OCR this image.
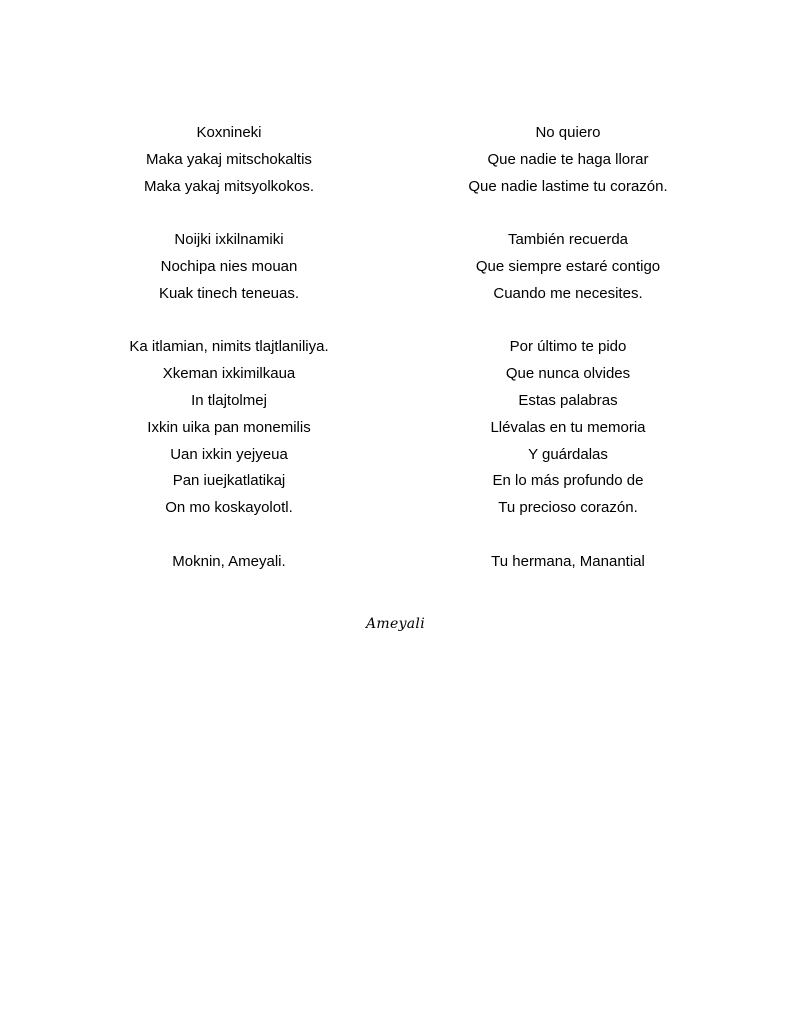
Koxnineki
Maka yakaj mitschokaltis
Maka yakaj mitsyolkokos.
Noijki ixkilnamiki
Nochipa nies mouan
Kuak tinech teneuas.
Ka itlamian, nimits tlajtlaniliya.
Xkeman ixkimilkaua
In tlajtolmej
Ixkin uika pan monemilis
Uan ixkin yejyeua
Pan iuejkatlatikaj
On mo koskayolotl.
Moknin, Ameyali.
No quiero
Que nadie te haga llorar
Que nadie lastime tu corazón.
También recuerda
Que siempre estaré contigo
Cuando me necesites.
Por último te pido
Que nunca olvides
Estas palabras
Llévalas en tu memoria
Y guárdalas
En lo más profundo de
Tu precioso corazón.
Tu hermana, Manantial
Ameyali
